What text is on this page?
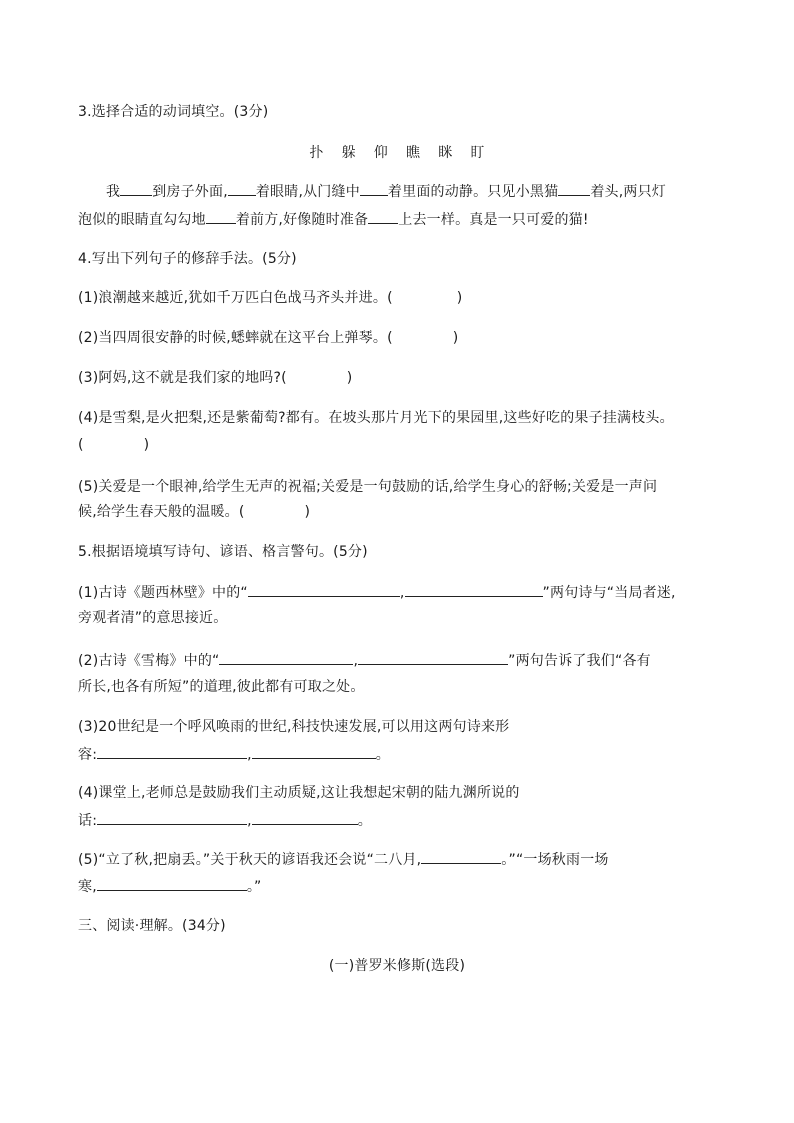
3.选择合适的动词填空。(3分)
扑 躲 仰 瞧 眯 盯
我 到房子外面, 着眼睛,从门缝中 着里面的动静。只见小黑猫 着头,两只灯
泡似的眼睛直勾勾地 着前方,好像随时准备 上去一样。真是一只可爱的猫!
4.写出下列句子的修辞手法。(5分)
(1)浪潮越来越近,犹如千万匹白色战马齐头并进。(	)
(2)当四周很安静的时候,蟋蟀就在这平台上弹琴。(	)
(3)阿妈,这不就是我们家的地吗?(	)
(4)是雪梨,是火把梨,还是紫葡萄?都有。在坡头那片月光下的果园里,这些好吃的果子挂满枝头。
(	)
(5)关爱是一个眼神,给学生无声的祝福;关爱是一句鼓励的话,给学生身心的舒畅;关爱是一声问
候,给学生春天般的温暖。(	)
5.根据语境填写诗句、谚语、格言警句。(5分)
(1)古诗《题西林壁》中的“	,	”两句诗与“当局者迷,
旁观者清”的意思接近。
(2)古诗《雪梅》中的“	,	”两句告诉了我们“各有
所长,也各有所短”的道理,彼此都有可取之处。
(3)20世纪是一个呼风唤雨的世纪,科技快速发展,可以用这两句诗来形
容:	,	。
(4)课堂上,老师总是鼓励我们主动质疑,这让我想起宋朝的陆九渊所说的
话:	,	。
(5)“立了秋,把扇丢。”关于秋天的谚语我还会说“二八月,	。”“一场秋雨一场
寒,	。”
三、阅读·理解。(34分)
(一)普罗米修斯(选段)
